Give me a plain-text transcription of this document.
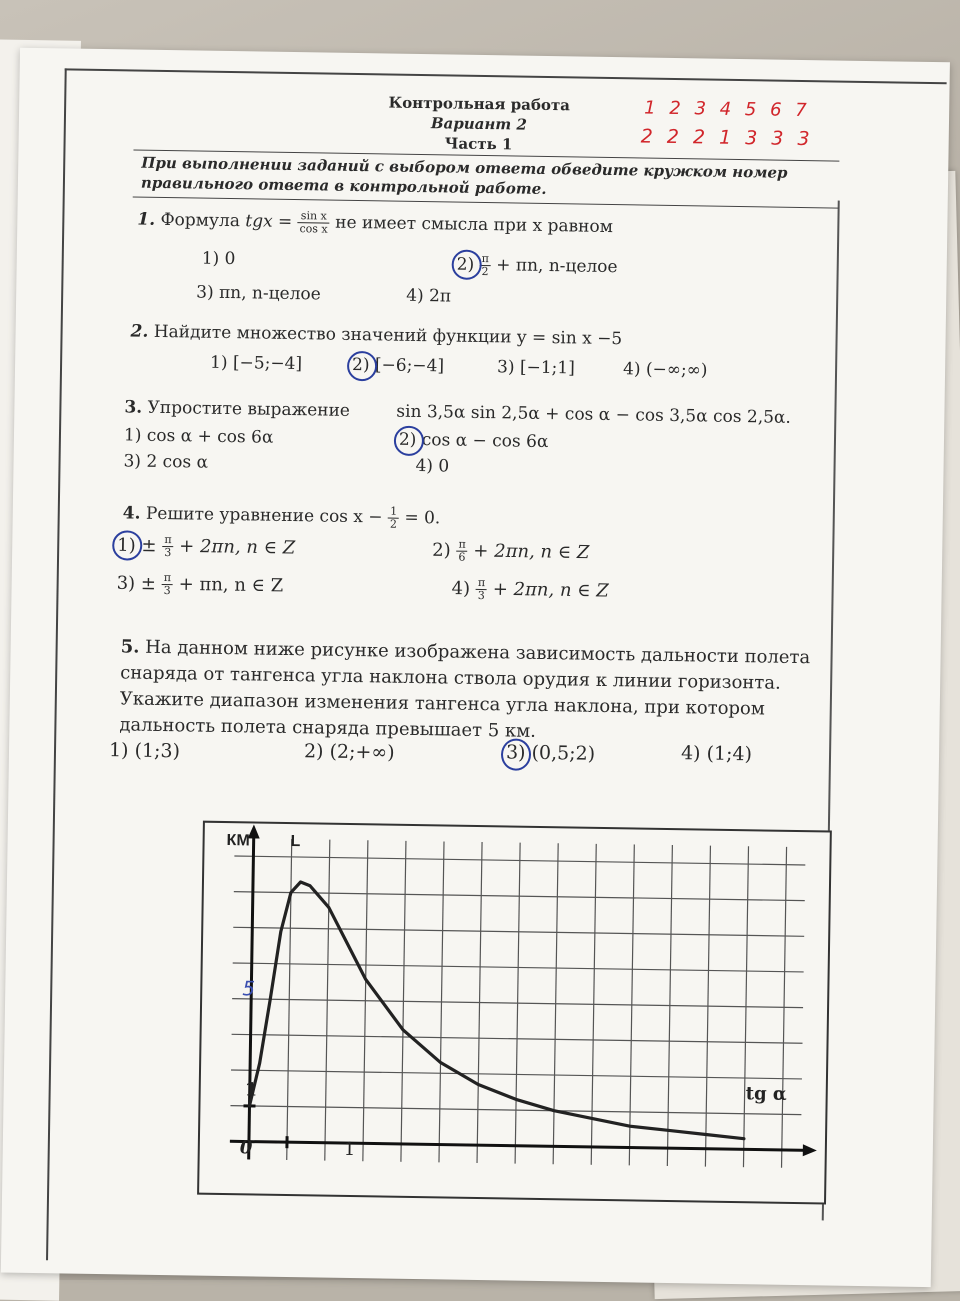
Контрольная работа
Вариант 2
Часть 1
1 2 3 4 5 6 7
2 2 2 1 3 3 3
При выполнении заданий с выбором ответа обведите кружком номер правильного ответа в контрольной работе.
1. Формула tgx = $\frac{\text{sin x}}{\text{cos x}}$ не имеет смысла при x равном
1) 0	$2) \frac{\pi}{2} + \pi n$, n-целое
3) πn, n-целое	4) 2π
2. Найдите множество значений функции y = sin x −5
1) [−5;−4]	2) [−6;−4]	3) [−1;1]	4) (−∞;∞)
3. Упростите выражение	sin 3,5α sin 2,5α + cos α − cos 3,5α cos 2,5α.
1) cos α + cos 6α	2) cos α − cos 6α
3) 2 cos α	4) 0
4. Решите уравнение $\cos x - \frac{1}{2} = 0$.
$1) \pm \frac{\pi}{3} + 2\pi n$, n ∈ Z	$2) \frac{\pi}{6} + 2\pi n$, n ∈ Z
$3) \pm \frac{\pi}{3} + \pi n$, n ∈ Z	$4) \frac{\pi}{3} + 2\pi n$, n ∈ Z
5. На данном ниже рисунке изображена зависимость дальности полета снаряда от тангенса угла наклона ствола орудия к линии горизонта. Укажите диапазон изменения тангенса угла наклона, при котором дальность полета снаряда превышает 5 км.
1) (1;3)	2) (2;+∞)	3) (0,5;2)	4) (1;4)
КМ	L
tg α
0	1
1
5
